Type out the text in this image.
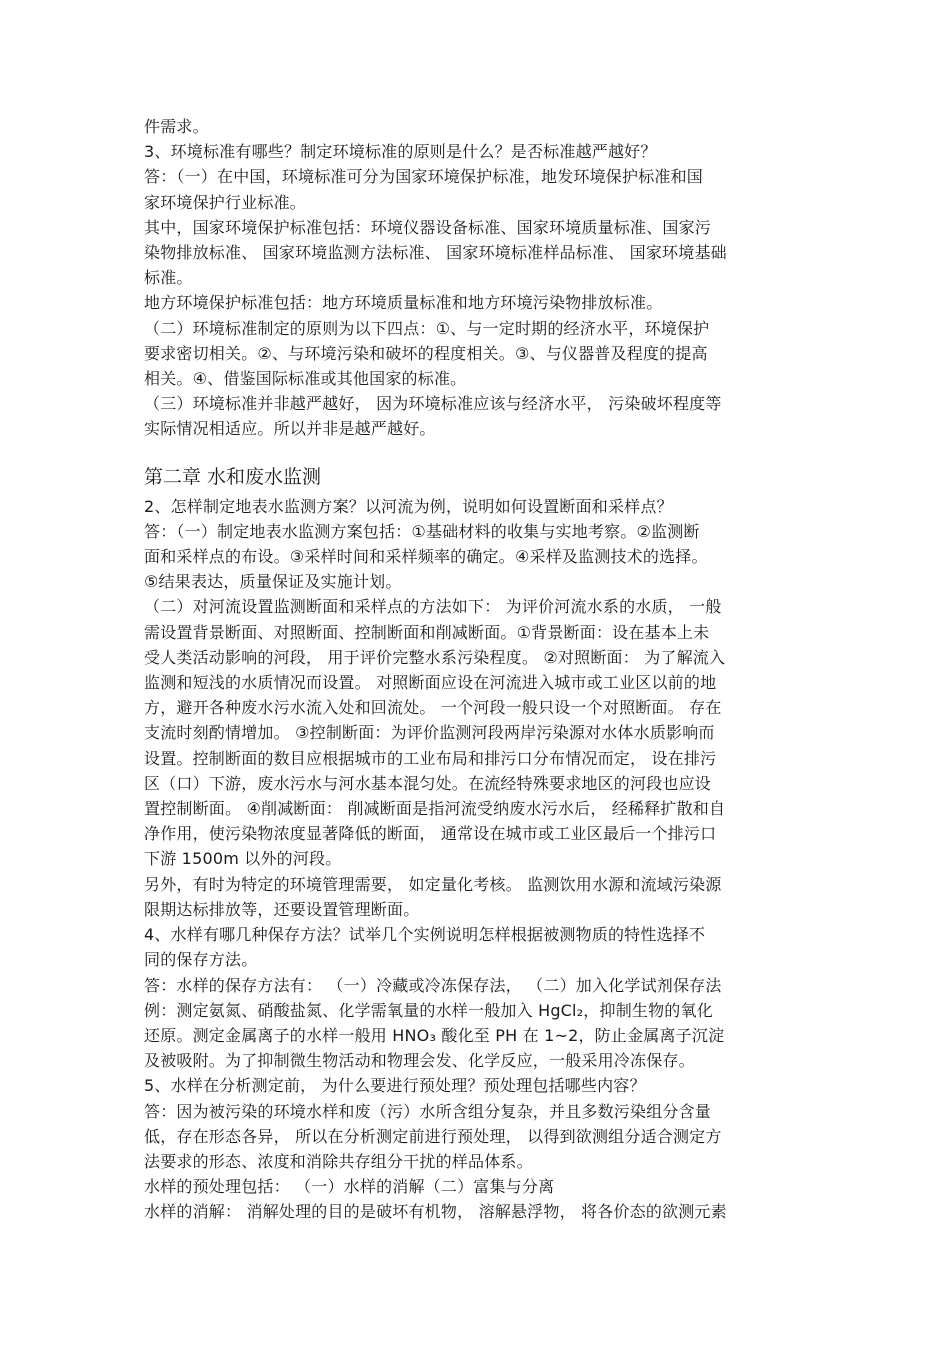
件需求。
3、环境标准有哪些？制定环境标准的原则是什么？是否标准越严越好？
答：（一）在中国，环境标准可分为国家环境保护标准，地发环境保护标准和国
家环境保护行业标准。
其中，国家环境保护标准包括：环境仪器设备标准、国家环境质量标准、国家污
染物排放标准、 国家环境监测方法标准、 国家环境标准样品标准、 国家环境基础
标准。
地方环境保护标准包括：地方环境质量标准和地方环境污染物排放标准。
（二）环境标准制定的原则为以下四点：①、与一定时期的经济水平，环境保护
要求密切相关。②、与环境污染和破坏的程度相关。③、与仪器普及程度的提高
相关。④、借鉴国际标准或其他国家的标准。
（三）环境标准并非越严越好， 因为环境标准应该与经济水平， 污染破坏程度等
实际情况相适应。所以并非是越严越好。
第二章 水和废水监测
2、怎样制定地表水监测方案？以河流为例，说明如何设置断面和采样点？
答：（一）制定地表水监测方案包括：①基础材料的收集与实地考察。②监测断
面和采样点的布设。③采样时间和采样频率的确定。④采样及监测技术的选择。
⑤结果表达，质量保证及实施计划。
（二）对河流设置监测断面和采样点的方法如下： 为评价河流水系的水质， 一般
需设置背景断面、对照断面、控制断面和削减断面。①背景断面：设在基本上未
受人类活动影响的河段， 用于评价完整水系污染程度。 ②对照断面： 为了解流入
监测和短浅的水质情况而设置。 对照断面应设在河流进入城市或工业区以前的地
方，避开各种废水污水流入处和回流处。 一个河段一般只设一个对照断面。 存在
支流时刻酌情增加。 ③控制断面：为评价监测河段两岸污染源对水体水质影响而
设置。控制断面的数目应根据城市的工业布局和排污口分布情况而定， 设在排污
区（口）下游，废水污水与河水基本混匀处。在流经特殊要求地区的河段也应设
置控制断面。 ④削减断面： 削减断面是指河流受纳废水污水后， 经稀释扩散和自
净作用，使污染物浓度显著降低的断面， 通常设在城市或工业区最后一个排污口
下游 1500m 以外的河段。
另外，有时为特定的环境管理需要， 如定量化考核。 监测饮用水源和流域污染源
限期达标排放等，还要设置管理断面。
4、水样有哪几种保存方法？试举几个实例说明怎样根据被测物质的特性选择不
同的保存方法。
答：水样的保存方法有： （一）冷藏或冷冻保存法， （二）加入化学试剂保存法
例：测定氨氮、硝酸盐氮、化学需氧量的水样一般加入 HgCl₂，抑制生物的氧化
还原。测定金属离子的水样一般用 HNO₃ 酸化至 PH 在 1~2，防止金属离子沉淀
及被吸附。为了抑制微生物活动和物理会发、化学反应，一般采用冷冻保存。
5、水样在分析测定前， 为什么要进行预处理？预处理包括哪些内容？
答：因为被污染的环境水样和废（污）水所含组分复杂，并且多数污染组分含量
低，存在形态各异， 所以在分析测定前进行预处理， 以得到欲测组分适合测定方
法要求的形态、浓度和消除共存组分干扰的样品体系。
水样的预处理包括： （一）水样的消解（二）富集与分离
水样的消解： 消解处理的目的是破坏有机物， 溶解悬浮物， 将各价态的欲测元素
